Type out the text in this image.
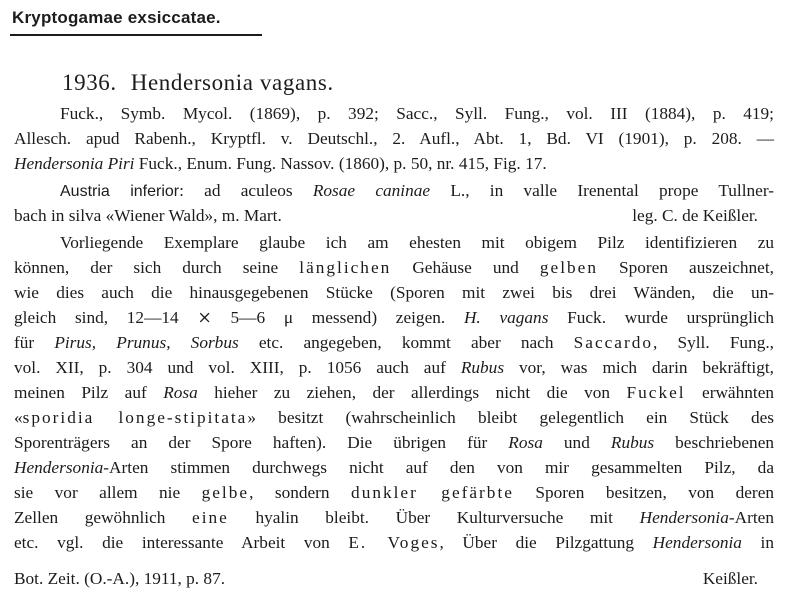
Kryptogamae exsiccatae.
1936. Hendersonia vagans.
Fuck., Symb. Mycol. (1869), p. 392; Sacc., Syll. Fung., vol. III (1884), p. 419;
Allesch. apud Rabenh., Kryptfl. v. Deutschl., 2. Aufl., Abt. 1, Bd. VI (1901), p. 208. —
Hendersonia Piri Fuck., Enum. Fung. Nassov. (1860), p. 50, nr. 415, Fig. 17.
Austria inferior: ad aculeos Rosae caninae L., in valle Irenental prope Tullner-
bach in silva «Wiener Wald», m. Mart.	leg. C. de Keißler.
Vorliegende Exemplare glaube ich am ehesten mit obigem Pilz identifizieren zu
können, der sich durch seine länglichen Gehäuse und gelben Sporen auszeichnet,
wie dies auch die hinausgegebenen Stücke (Sporen mit zwei bis drei Wänden, die un-
gleich sind, 12—14 ⨯ 5—6 μ messend) zeigen. H. vagans Fuck. wurde ursprünglich
für Pirus, Prunus, Sorbus etc. angegeben, kommt aber nach Saccardo, Syll. Fung.,
vol. XII, p. 304 und vol. XIII, p. 1056 auch auf Rubus vor, was mich darin bekräftigt,
meinen Pilz auf Rosa hieher zu ziehen, der allerdings nicht die von Fuckel erwähnten
«sporidia longe-stipitata» besitzt (wahrscheinlich bleibt gelegentlich ein Stück des
Sporenträgers an der Spore haften). Die übrigen für Rosa und Rubus beschriebenen
Hendersonia-Arten stimmen durchwegs nicht auf den von mir gesammelten Pilz, da
sie vor allem nie gelbe, sondern dunkler gefärbte Sporen besitzen, von deren
Zellen gewöhnlich eine hyalin bleibt. Über Kulturversuche mit Hendersonia-Arten
etc. vgl. die interessante Arbeit von E. Voges, Über die Pilzgattung Hendersonia in
Bot. Zeit. (O.-A.), 1911, p. 87.	Keißler.
